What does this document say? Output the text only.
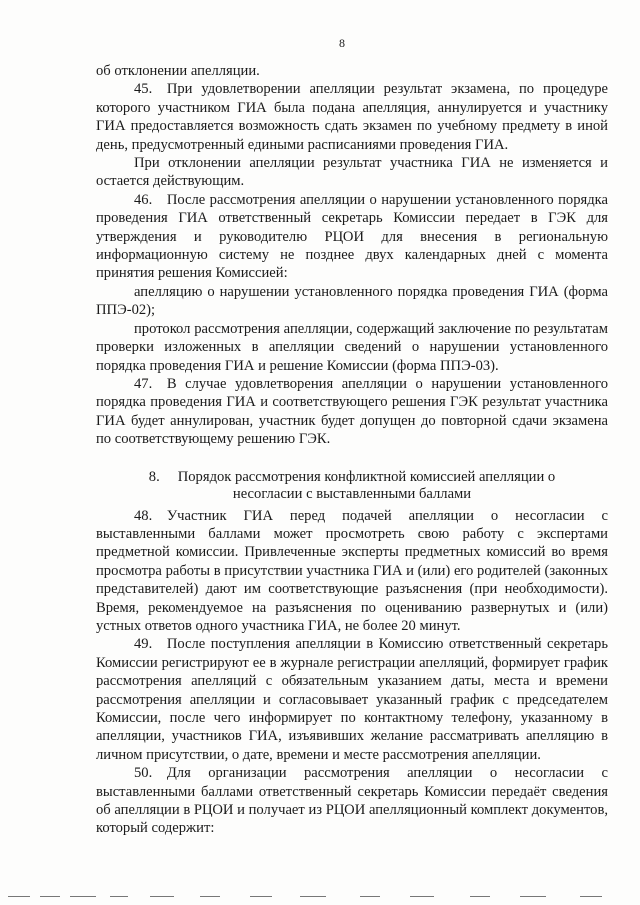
8

об отклонении апелляции.

45. При удовлетворении апелляции результат экзамена, по процедуре которого участником ГИА была подана апелляция, аннулируется и участнику ГИА предоставляется возможность сдать экзамен по учебному предмету в иной день, предусмотренный едиными расписаниями проведения ГИА.

При отклонении апелляции результат участника ГИА не изменяется и остается действующим.

46. После рассмотрения апелляции о нарушении установленного порядка проведения ГИА ответственный секретарь Комиссии передает в ГЭК для утверждения и руководителю РЦОИ для внесения в региональную информационную систему не позднее двух календарных дней с момента принятия решения Комиссией:

апелляцию о нарушении установленного порядка проведения ГИА (форма ППЭ-02);

протокол рассмотрения апелляции, содержащий заключение по результатам проверки изложенных в апелляции сведений о нарушении установленного порядка проведения ГИА и решение Комиссии (форма ППЭ-03).

47. В случае удовлетворения апелляции о нарушении установленного порядка проведения ГИА и соответствующего решения ГЭК результат участника ГИА будет аннулирован, участник будет допущен до повторной сдачи экзамена по соответствующему решению ГЭК.

8. Порядок рассмотрения конфликтной комиссией апелляции о несогласии с выставленными баллами

48. Участник ГИА перед подачей апелляции о несогласии с выставленными баллами может просмотреть свою работу с экспертами предметной комиссии. Привлеченные эксперты предметных комиссий во время просмотра работы в присутствии участника ГИА и (или) его родителей (законных представителей) дают им соответствующие разъяснения (при необходимости). Время, рекомендуемое на разъяснения по оцениванию развернутых и (или) устных ответов одного участника ГИА, не более 20 минут.

49. После поступления апелляции в Комиссию ответственный секретарь Комиссии регистрируют ее в журнале регистрации апелляций, формирует график рассмотрения апелляций с обязательным указанием даты, места и времени рассмотрения апелляции и согласовывает указанный график с председателем Комиссии, после чего информирует по контактному телефону, указанному в апелляции, участников ГИА, изъявивших желание рассматривать апелляцию в личном присутствии, о дате, времени и месте рассмотрения апелляции.

50. Для организации рассмотрения апелляции о несогласии с выставленными баллами ответственный секретарь Комиссии передаёт сведения об апелляции в РЦОИ и получает из РЦОИ апелляционный комплект документов, который содержит:
